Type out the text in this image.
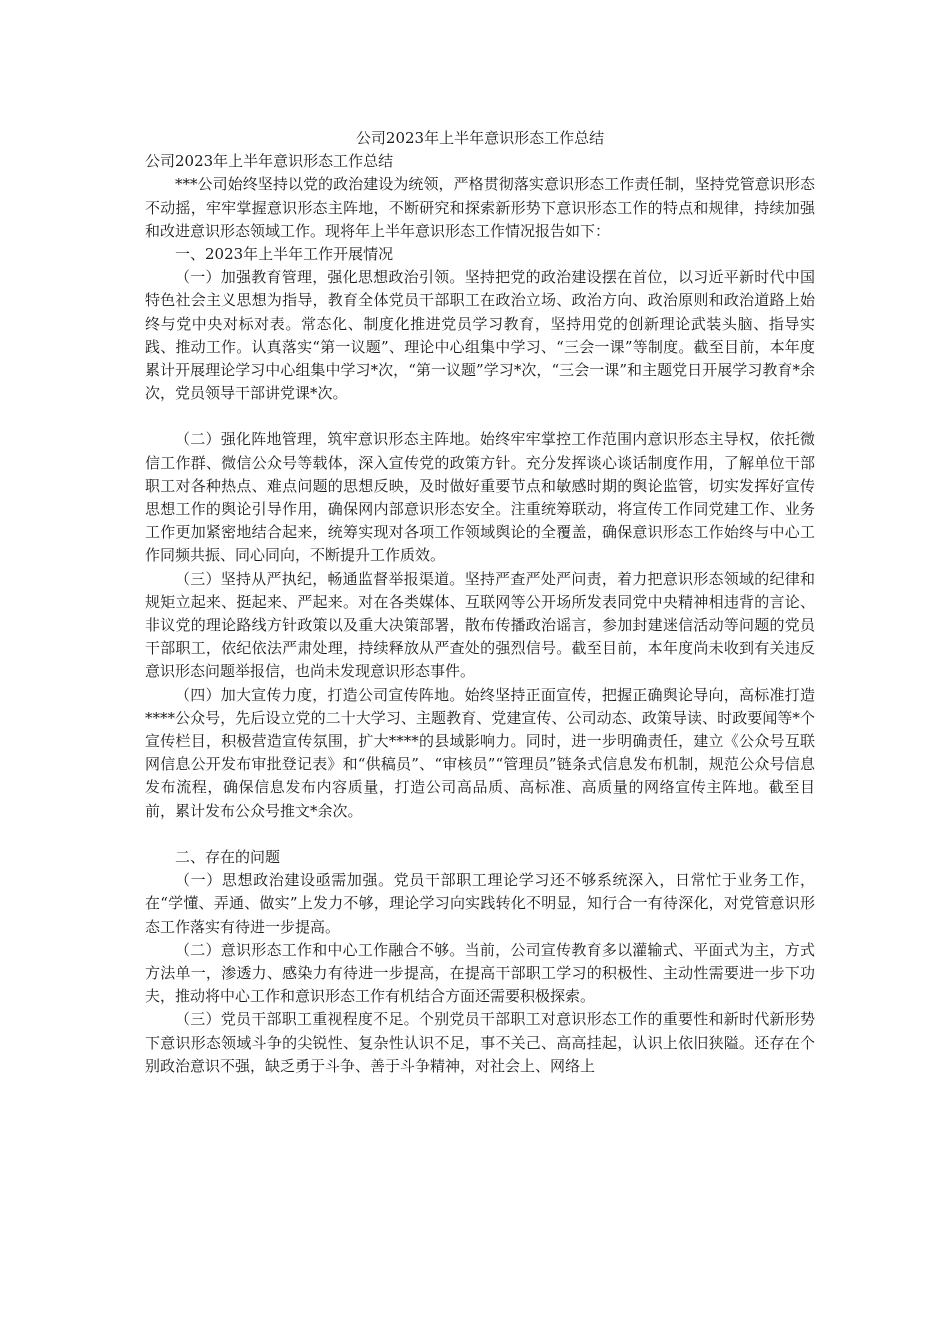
公司2023年上半年意识形态工作总结

公司2023年上半年意识形态工作总结

***公司始终坚持以党的政治建设为统领，严格贯彻落实意识形态工作责任制，坚持党管意识形态不动摇，牢牢掌握意识形态主阵地，不断研究和探索新形势下意识形态工作的特点和规律，持续加强和改进意识形态领域工作。现将年上半年意识形态工作情况报告如下：

一、2023年上半年工作开展情况

（一）加强教育管理，强化思想政治引领。坚持把党的政治建设摆在首位，以习近平新时代中国特色社会主义思想为指导，教育全体党员干部职工在政治立场、政治方向、政治原则和政治道路上始终与党中央对标对表。常态化、制度化推进党员学习教育，坚持用党的创新理论武装头脑、指导实践、推动工作。认真落实“第一议题”、理论中心组集中学习、“三会一课”等制度。截至目前，本年度累计开展理论学习中心组集中学习*次，“第一议题”学习*次，“三会一课”和主题党日开展学习教育*余次，党员领导干部讲党课*次。

（二）强化阵地管理，筑牢意识形态主阵地。始终牢牢掌控工作范围内意识形态主导权，依托微信工作群、微信公众号等载体，深入宣传党的政策方针。充分发挥谈心谈话制度作用，了解单位干部职工对各种热点、难点问题的思想反映，及时做好重要节点和敏感时期的舆论监管，切实发挥好宣传思想工作的舆论引导作用，确保网内部意识形态安全。注重统筹联动，将宣传工作同党建工作、业务工作更加紧密地结合起来，统筹实现对各项工作领域舆论的全覆盖，确保意识形态工作始终与中心工作同频共振、同心同向，不断提升工作质效。

（三）坚持从严执纪，畅通监督举报渠道。坚持严查严处严问责，着力把意识形态领域的纪律和规矩立起来、挺起来、严起来。对在各类媒体、互联网等公开场所发表同党中央精神相违背的言论、非议党的理论路线方针政策以及重大决策部署，散布传播政治谣言，参加封建迷信活动等问题的党员干部职工，依纪依法严肃处理，持续释放从严查处的强烈信号。截至目前，本年度尚未收到有关违反意识形态问题举报信，也尚未发现意识形态事件。

（四）加大宣传力度，打造公司宣传阵地。始终坚持正面宣传，把握正确舆论导向，高标准打造****公众号，先后设立党的二十大学习、主题教育、党建宣传、公司动态、政策导读、时政要闻等*个宣传栏目，积极营造宣传氛围，扩大****的县域影响力。同时，进一步明确责任，建立《公众号互联网信息公开发布审批登记表》和“供稿员”、“审核员”“管理员”链条式信息发布机制，规范公众号信息发布流程，确保信息发布内容质量，打造公司高品质、高标准、高质量的网络宣传主阵地。截至目前，累计发布公众号推文*余次。

二、存在的问题

（一）思想政治建设亟需加强。党员干部职工理论学习还不够系统深入，日常忙于业务工作，在“学懂、弄通、做实”上发力不够，理论学习向实践转化不明显，知行合一有待深化，对党管意识形态工作落实有待进一步提高。

（二）意识形态工作和中心工作融合不够。当前，公司宣传教育多以灌输式、平面式为主，方式方法单一，渗透力、感染力有待进一步提高，在提高干部职工学习的积极性、主动性需要进一步下功夫，推动将中心工作和意识形态工作有机结合方面还需要积极探索。

（三）党员干部职工重视程度不足。个别党员干部职工对意识形态工作的重要性和新时代新形势下意识形态领域斗争的尖锐性、复杂性认识不足，事不关己、高高挂起，认识上依旧狭隘。还存在个别政治意识不强，缺乏勇于斗争、善于斗争精神，对社会上、网络上
